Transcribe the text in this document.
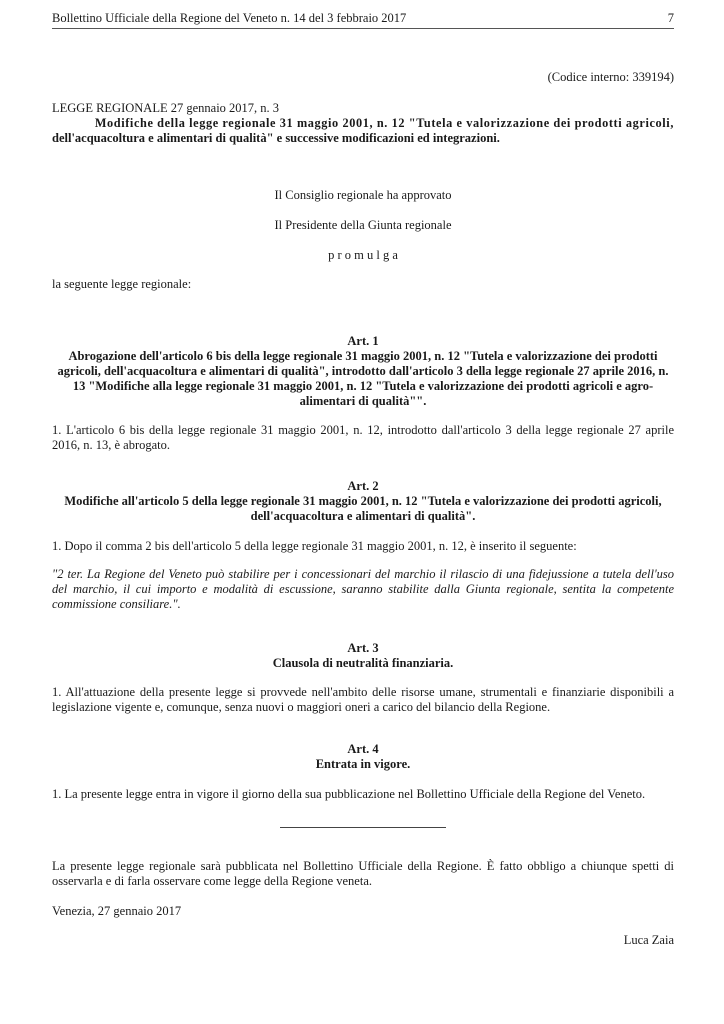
Bollettino Ufficiale della Regione del Veneto n. 14 del 3 febbraio 2017	7
(Codice interno: 339194)
LEGGE REGIONALE 27 gennaio 2017, n. 3
Modifiche della legge regionale 31 maggio 2001, n. 12 "Tutela e valorizzazione dei prodotti agricoli,
dell'acquacoltura e alimentari di qualità" e successive modificazioni ed integrazioni.
Il Consiglio regionale ha approvato
Il Presidente della Giunta regionale
p r o m u l g a
la seguente legge regionale:
Art. 1
Abrogazione dell'articolo 6 bis della legge regionale 31 maggio 2001, n. 12 "Tutela e valorizzazione dei prodotti agricoli, dell'acquacoltura e alimentari di qualità", introdotto dall'articolo 3 della legge regionale 27 aprile 2016, n. 13 "Modifiche alla legge regionale 31 maggio 2001, n. 12 "Tutela e valorizzazione dei prodotti agricoli e agro-alimentari di qualità"".
1. L'articolo 6 bis della legge regionale 31 maggio 2001, n. 12, introdotto dall'articolo 3 della legge regionale 27 aprile 2016, n. 13, è abrogato.
Art. 2
Modifiche all'articolo 5 della legge regionale 31 maggio 2001, n. 12 "Tutela e valorizzazione dei prodotti agricoli, dell'acquacoltura e alimentari di qualità".
1. Dopo il comma 2 bis dell'articolo 5 della legge regionale 31 maggio 2001, n. 12, è inserito il seguente:
"2 ter. La Regione del Veneto può stabilire per i concessionari del marchio il rilascio di una fidejussione a tutela dell'uso del marchio, il cui importo e modalità di escussione, saranno stabilite dalla Giunta regionale, sentita la competente commissione consiliare.".
Art. 3
Clausola di neutralità finanziaria.
1. All'attuazione della presente legge si provvede nell'ambito delle risorse umane, strumentali e finanziarie disponibili a legislazione vigente e, comunque, senza nuovi o maggiori oneri a carico del bilancio della Regione.
Art. 4
Entrata in vigore.
1. La presente legge entra in vigore il giorno della sua pubblicazione nel Bollettino Ufficiale della Regione del Veneto.
La presente legge regionale sarà pubblicata nel Bollettino Ufficiale della Regione. È fatto obbligo a chiunque spetti di osservarla e di farla osservare come legge della Regione veneta.
Venezia, 27 gennaio 2017
Luca Zaia
